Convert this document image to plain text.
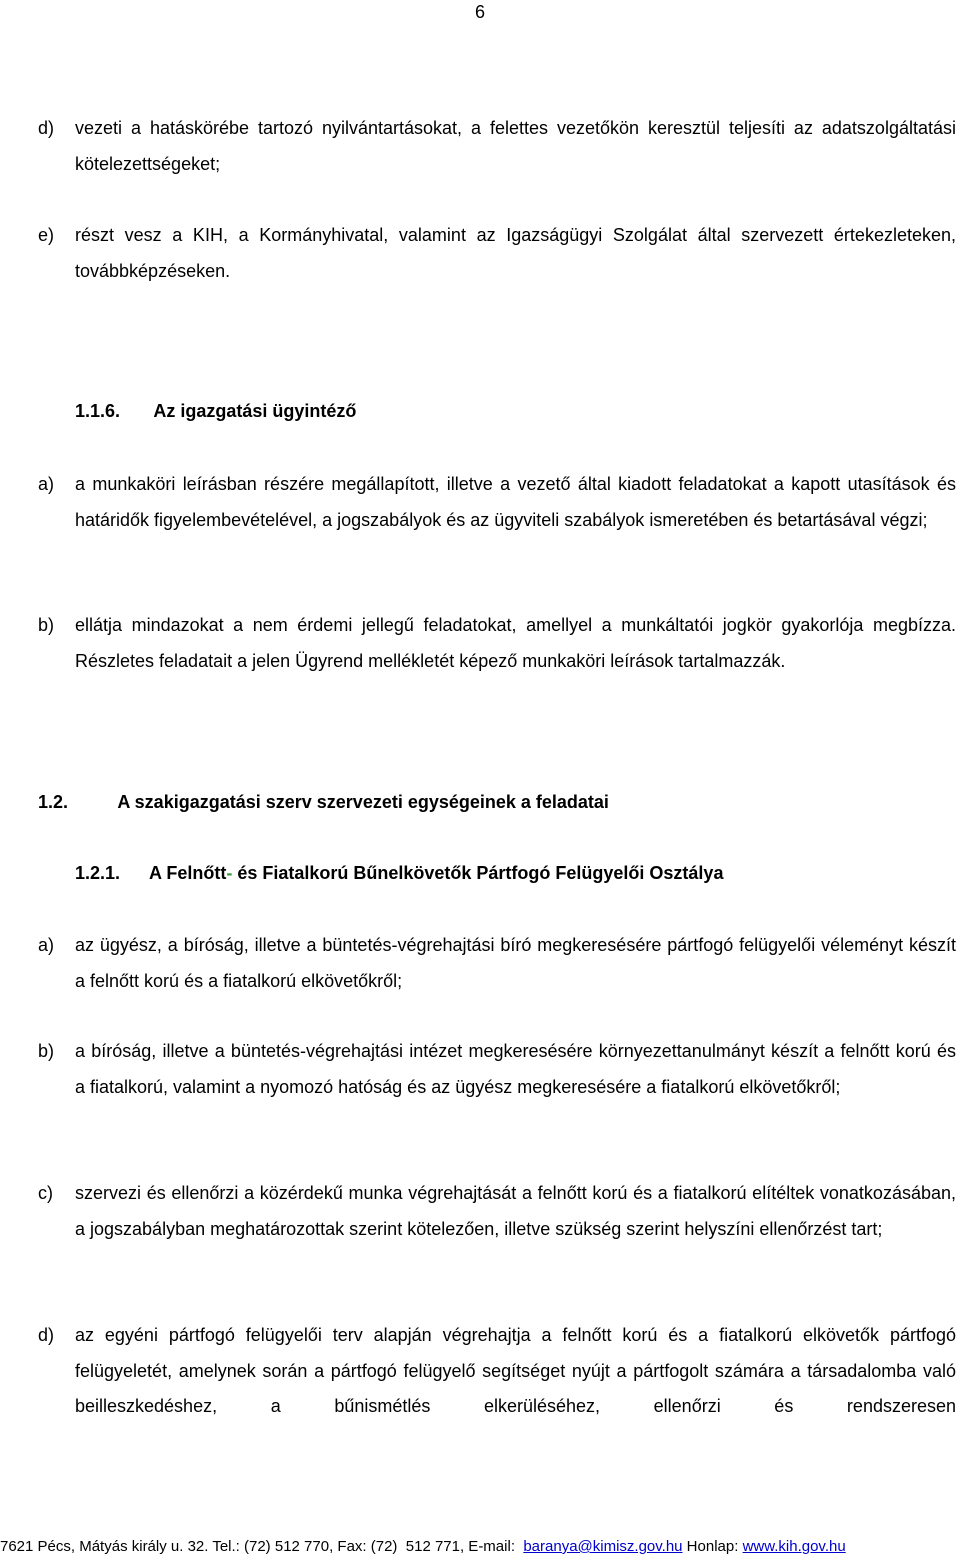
6
d) vezeti a hatáskörébe tartozó nyilvántartásokat, a felettes vezetőkön keresztül teljesíti az adatszolgáltatási kötelezettségeket;
e) részt vesz a KIH, a Kormányhivatal, valamint az Igazságügyi Szolgálat által szervezett értekezleteken, továbbképzéseken.
1.1.6. Az igazgatási ügyintéző
a) a munkaköri leírásban részére megállapított, illetve a vezető által kiadott feladatokat a kapott utasítások és határidők figyelembevételével, a jogszabályok és az ügyviteli szabályok ismeretében és betartásával végzi;
b) ellátja mindazokat a nem érdemi jellegű feladatokat, amellyel a munkáltatói jogkör gyakorlója megbízza. Részletes feladatait a jelen Ügyrend mellékletét képező munkaköri leírások tartalmazzák.
1.2.	A szakigazgatási szerv szervezeti egységeinek a feladatai
1.2.1. A Felnőtt- és Fiatalkorú Bűnelkövetők Pártfogó Felügyelői Osztálya
a) az ügyész, a bíróság, illetve a büntetés-végrehajtási bíró megkeresésére pártfogó felügyelői véleményt készít a felnőtt korú és a fiatalkorú elkövetőkről;
b) a bíróság, illetve a büntetés-végrehajtási intézet megkeresésére környezettanulmányt készít a felnőtt korú és a fiatalkorú, valamint a nyomozó hatóság és az ügyész megkeresésére a fiatalkorú elkövetőkről;
c) szervezi és ellenőrzi a közérdekű munka végrehajtását a felnőtt korú és a fiatalkorú elítéltek vonatkozásában, a jogszabályban meghatározottak szerint kötelezően, illetve szükség szerint helyszíni ellenőrzést tart;
d) az egyéni pártfogó felügyelői terv alapján végrehajtja a felnőtt korú és a fiatalkorú elkövetők pártfogó felügyeletét, amelynek során a pártfogó felügyelő segítséget nyújt a pártfogolt számára a társadalomba való beilleszkedéshez, a bűnismétlés elkerüléséhez, ellenőrzi és rendszeresen
7621 Pécs, Mátyás király u. 32. Tel.: (72) 512 770, Fax: (72)  512 771, E-mail:  baranya@kimisz.gov.hu Honlap: www.kih.gov.hu
